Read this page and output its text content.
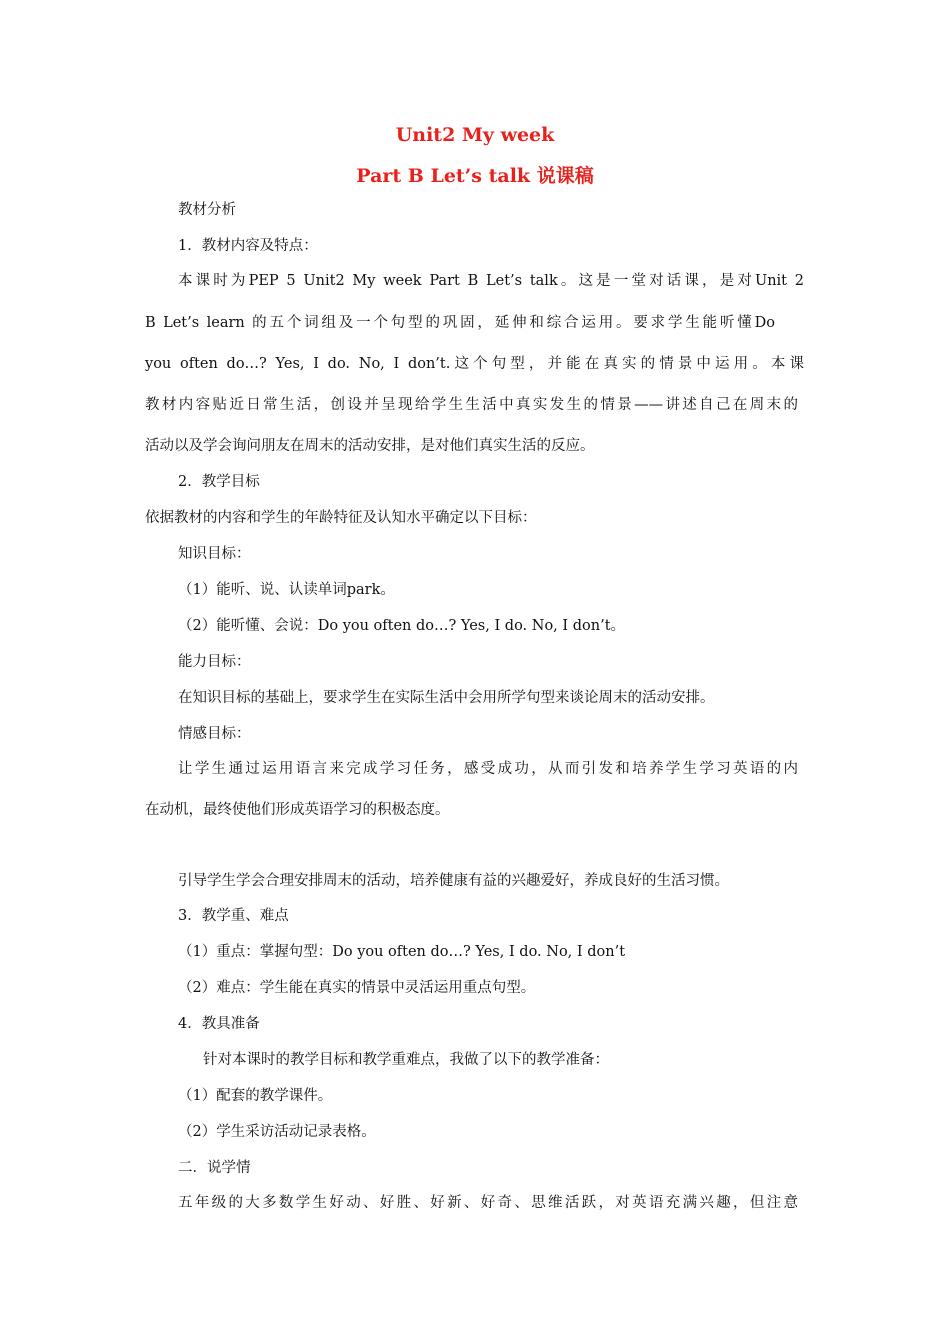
Unit2 My week
Part B Let’s talk 说课稿
教材分析
1．教材内容及特点：
本课时为PEP 5 Unit2 My week Part B Let’s talk。这是一堂对话课，是对Unit 2
B Let’s learn 的五个词组及一个句型的巩固，延伸和综合运用。要求学生能听懂Do
you often do…? Yes, I do. No, I don’t.这个句型，并能在真实的情景中运用。本课
教材内容贴近日常生活，创设并呈现给学生生活中真实发生的情景——讲述自己在周末的
活动以及学会询问朋友在周末的活动安排，是对他们真实生活的反应。
2．教学目标
依据教材的内容和学生的年龄特征及认知水平确定以下目标：
知识目标：
（1）能听、说、认读单词park。
（2）能听懂、会说：Do you often do…? Yes, I do. No, I don’t。
能力目标：
在知识目标的基础上，要求学生在实际生活中会用所学句型来谈论周末的活动安排。
情感目标：
让学生通过运用语言来完成学习任务，感受成功，从而引发和培养学生学习英语的内
在动机，最终使他们形成英语学习的积极态度。
引导学生学会合理安排周末的活动，培养健康有益的兴趣爱好，养成良好的生活习惯。
3．教学重、难点
（1）重点：掌握句型：Do you often do…? Yes, I do. No, I don’t
（2）难点：学生能在真实的情景中灵活运用重点句型。
4．教具准备
针对本课时的教学目标和教学重难点，我做了以下的教学准备：
（1）配套的教学课件。
（2）学生采访活动记录表格。
二．说学情
五年级的大多数学生好动、好胜、好新、好奇、思维活跃，对英语充满兴趣，但注意
